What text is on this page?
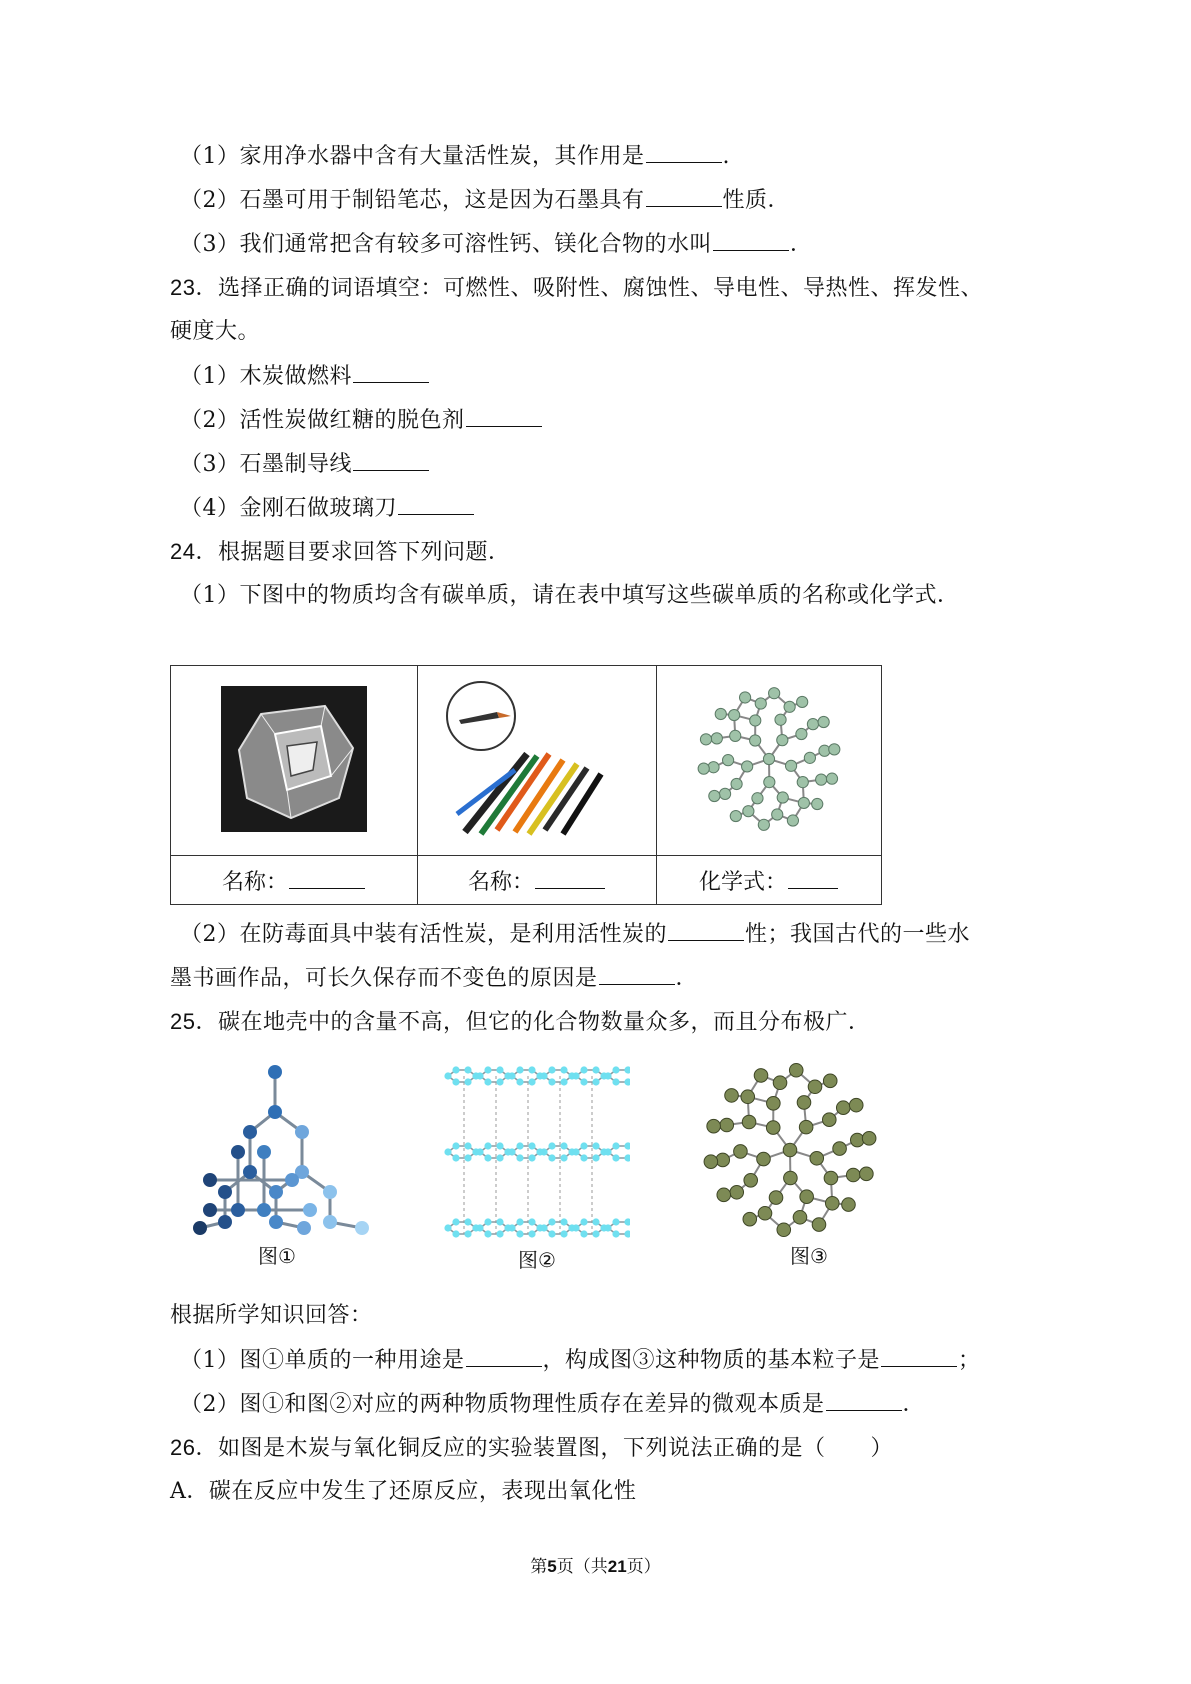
（1）家用净水器中含有大量活性炭，其作用是	.
（2）石墨可用于制铅笔芯，这是因为石墨具有	性质．
（3）我们通常把含有较多可溶性钙、镁化合物的水叫	．
23．选择正确的词语填空：可燃性、吸附性、腐蚀性、导电性、导热性、挥发性、
硬度大。
（1）木炭做燃料
（2）活性炭做红糖的脱色剂
（3）石墨制导线
（4）金刚石做玻璃刀
24．根据题目要求回答下列问题．
（1）下图中的物质均含有碳单质，请在表中填写这些碳单质的名称或化学式．

名称：	名称：	化学式：
（2）在防毒面具中装有活性炭，是利用活性炭的	性；我国古代的一些水
墨书画作品，可长久保存而不变色的原因是	．
25．碳在地壳中的含量不高，但它的化合物数量众多，而且分布极广．
图①	图②	图③
根据所学知识回答：
（1）图①单质的一种用途是	，构成图③这种物质的基本粒子是	；
（2）图①和图②对应的两种物质物理性质存在差异的微观本质是	．
26．如图是木炭与氧化铜反应的实验装置图，下列说法正确的是（　　）
A．碳在反应中发生了还原反应，表现出氧化性
第5页（共21页）
